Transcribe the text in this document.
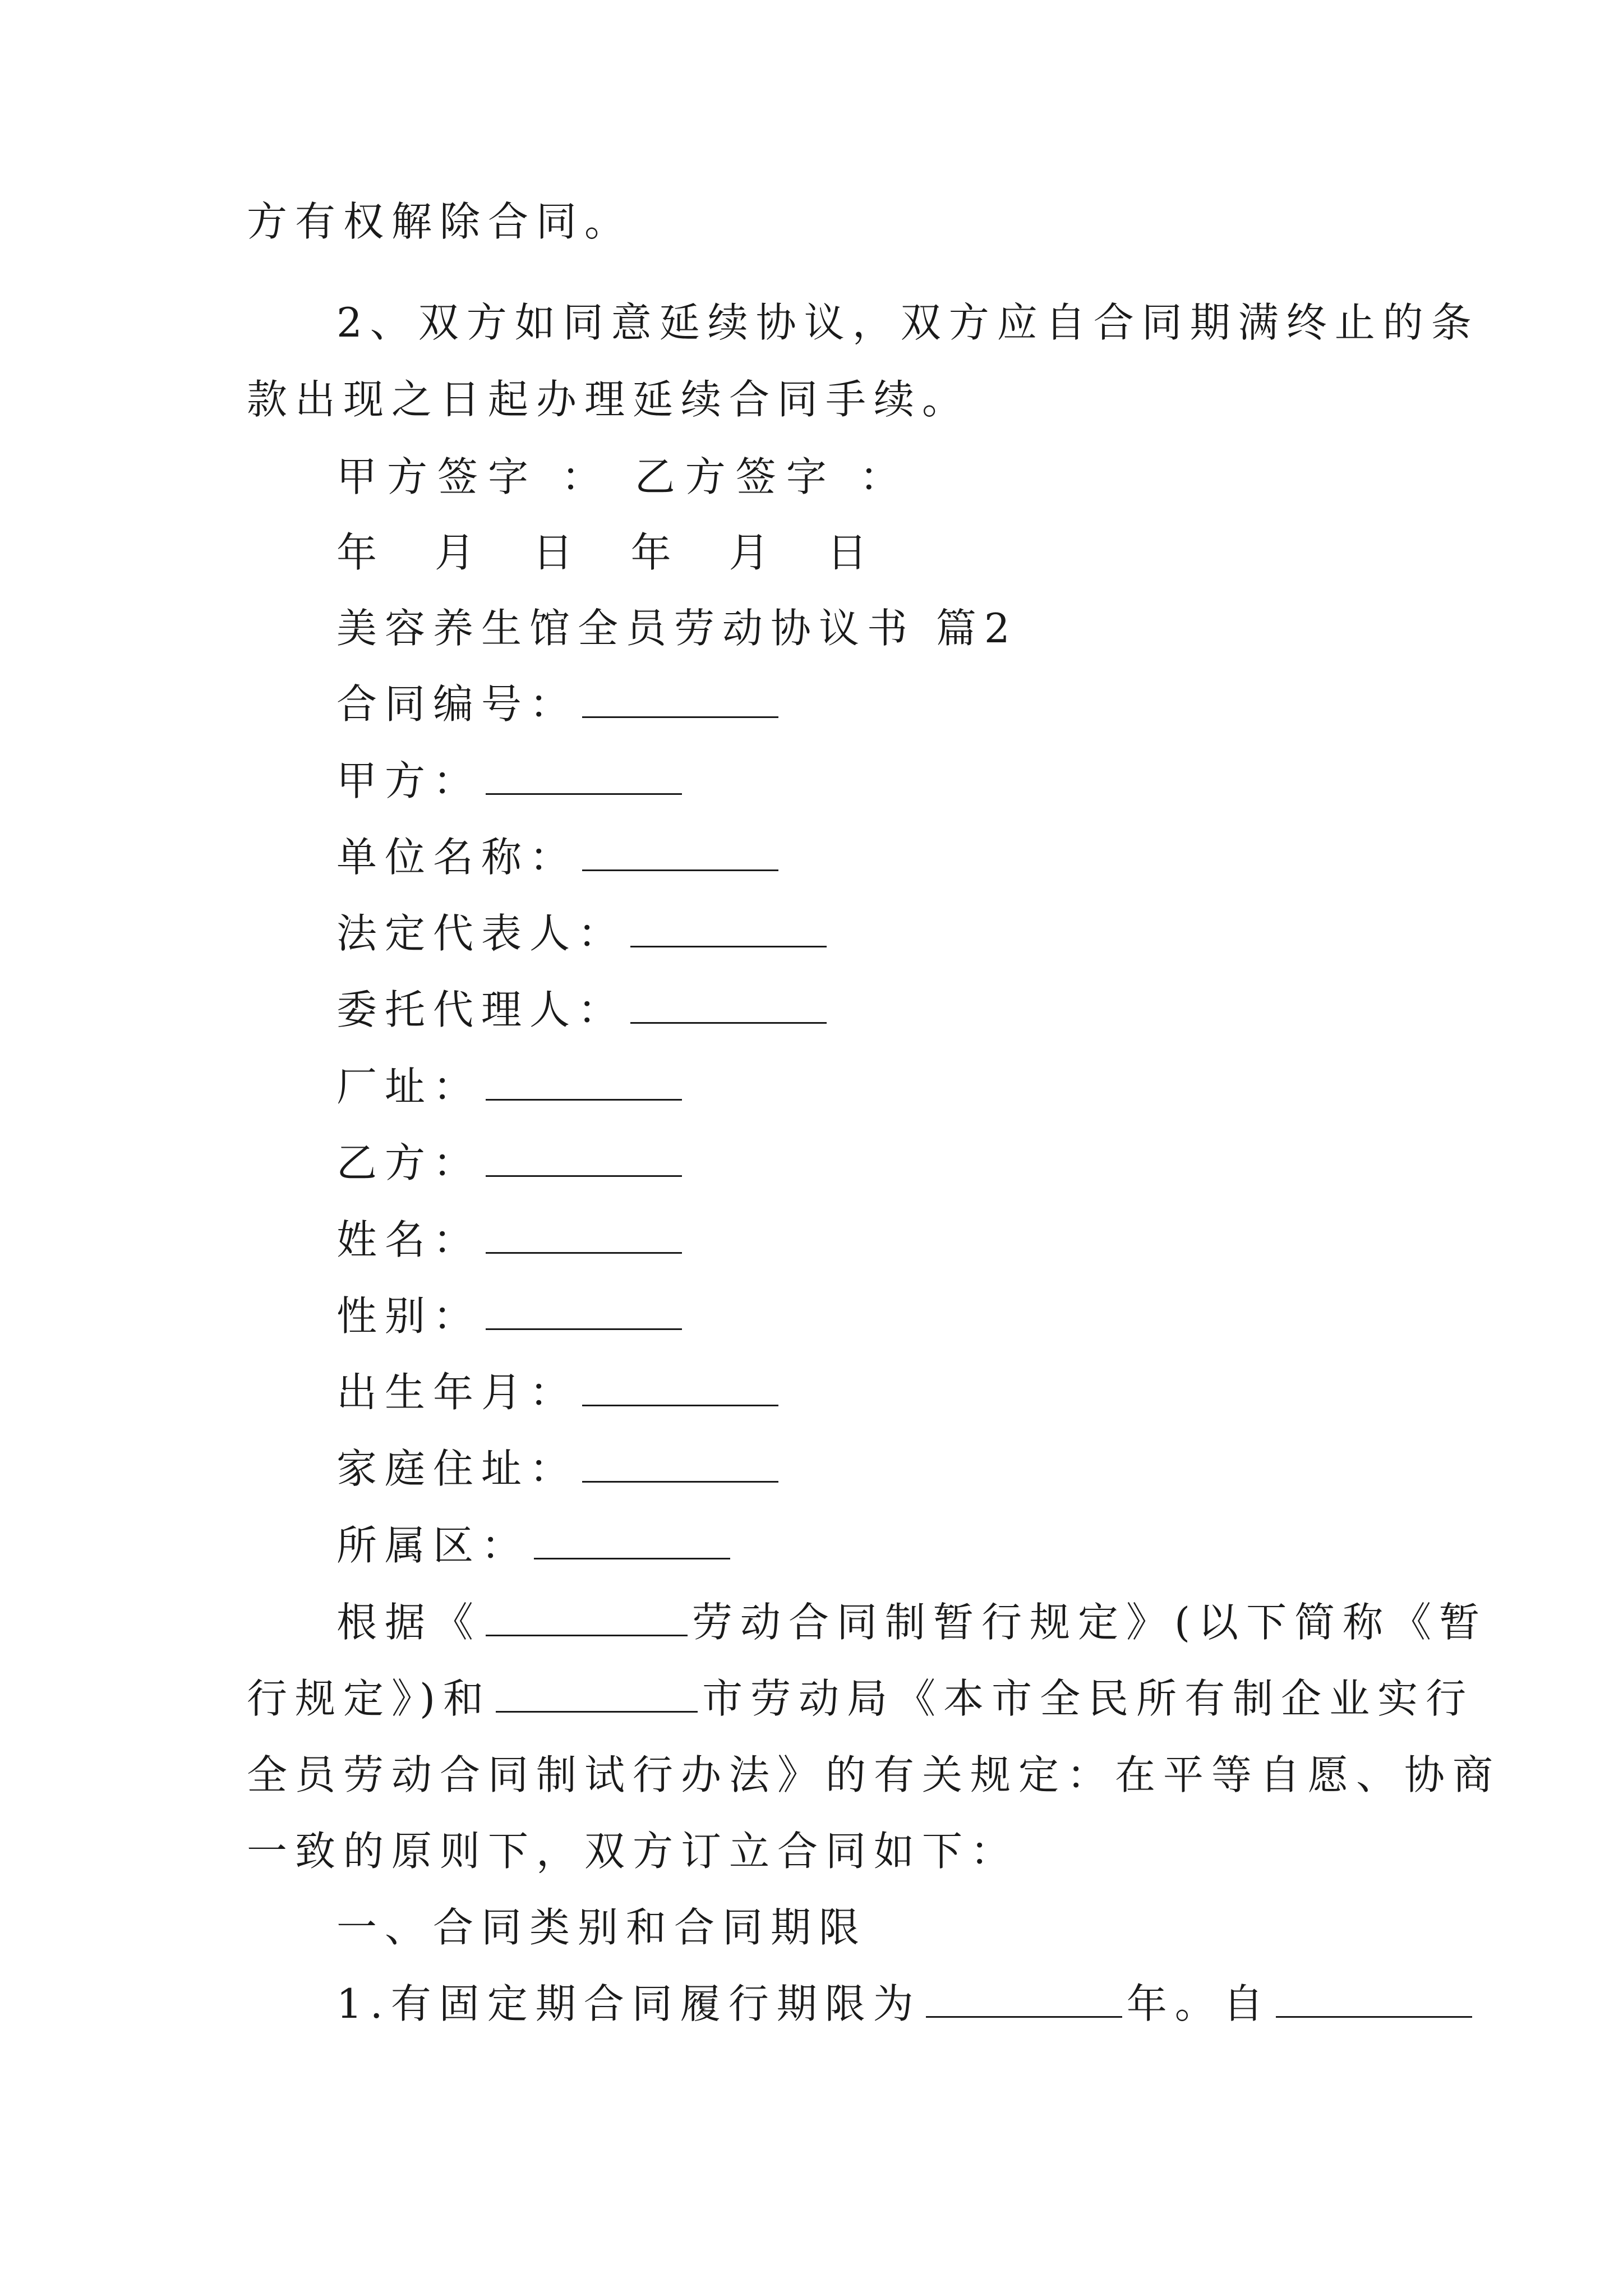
方有权解除合同。
2、双方如同意延续协议，双方应自合同期满终止的条
款出现之日起办理延续合同手续。
甲方签字 ： 乙方签字 ：
年 月 日 年 月 日
美容养生馆全员劳动协议书 篇2
合同编号：
甲方：
单位名称：
法定代表人：
委托代理人：
厂址：
乙方：
姓名：
性别：
出生年月：
家庭住址：
所属区：
根据《	劳动合同制暂行规定》(以下简称《暂
行规定》)和	市劳动局《本市全民所有制企业实行
全员劳动合同制试行办法》的有关规定：在平等自愿、协商
一致的原则下，双方订立合同如下：
一、合同类别和合同期限
1.有固定期合同履行期限为	年。自
